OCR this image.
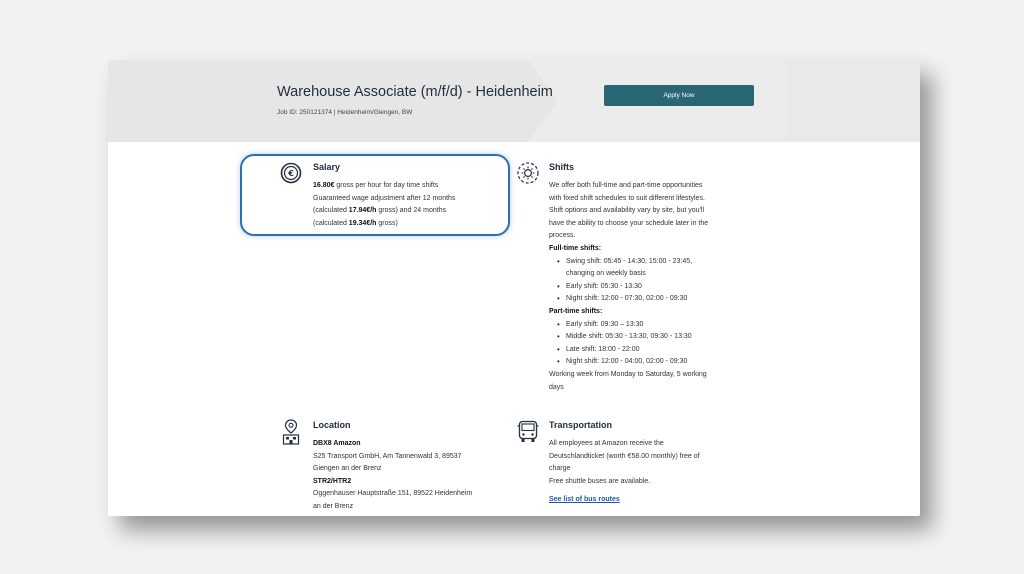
Warehouse Associate (m/f/d) - Heidenheim
Job ID: 250121374 | Heidenheim/Giengen, BW
Apply Now
€
Salary
16.80€ gross per hour for day time shifts
Guaranteed wage adjustment after 12 months
(calculated 17.94€/h gross) and 24 months
(calculated 19.34€/h gross)
Shifts
We offer both full-time and part-time opportunities
with fixed shift schedules to suit different lifestyles.
Shift options and availability vary by site, but you'll
have the ability to choose your schedule later in the
process.
Full-time shifts:
• Swing shift: 05:45 - 14:30, 15:00 - 23:45,
changing on weekly basis
• Early shift: 05:30 - 13:30
• Night shift: 12:00 - 07:30, 02:00 - 09:30
Part-time shifts:
• Early shift: 09:30 – 13:30
• Middle shift: 05:30 - 13:30, 09:30 - 13:30
• Late shift: 18:00 - 22:00
• Night shift: 12:00 - 04:00, 02:00 - 09:30
Working week from Monday to Saturday, 5 working
days
Location
DBX8 Amazon
S25 Transport GmbH, Am Tannenwald 3, 89537
Giengen an der Brenz
STR2/HTR2
Oggenhauser Hauptstraße 151, 89522 Heidenheim
an der Brenz
Transportation
All employees at Amazon receive the
Deutschlandticket (worth €58.00 monthly) free of
charge
Free shuttle buses are available.
See list of bus routes
